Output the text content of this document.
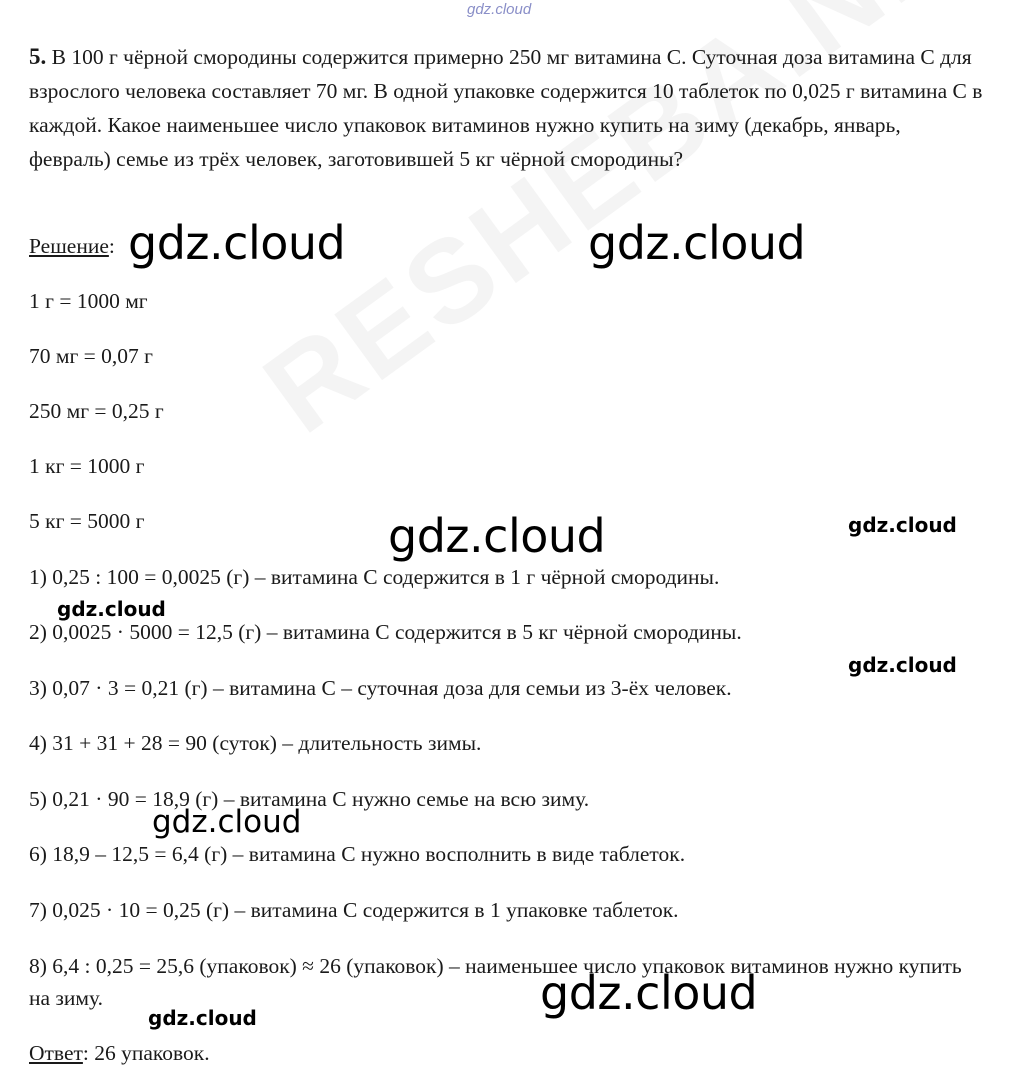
gdz.cloud

5. В 100 г чёрной смородины содержится примерно 250 мг витамина С. Суточная доза витамина С для взрослого человека составляет 70 мг. В одной упаковке содержится 10 таблеток по 0,025 г витамина С в каждой. Какое наименьшее число упаковок витаминов нужно купить на зиму (декабрь, январь, февраль) семье из трёх человек, заготовившей 5 кг чёрной смородины?

Решение:

1 г = 1000 мг

70 мг = 0,07 г

250 мг = 0,25 г

1 кг = 1000 г

5 кг = 5000 г

1) 0,25 : 100 = 0,0025 (г) – витамина С содержится в 1 г чёрной смородины.

2) 0,0025 · 5000 = 12,5 (г) – витамина С содержится в 5 кг чёрной смородины.

3) 0,07 · 3 = 0,21 (г) – витамина С – суточная доза для семьи из 3-ёх человек.

4) 31 + 31 + 28 = 90 (суток) – длительность зимы.

5) 0,21 · 90 = 18,9 (г) – витамина С нужно семье на всю зиму.

6) 18,9 – 12,5 = 6,4 (г) – витамина С нужно восполнить в виде таблеток.

7) 0,025 · 10 = 0,25 (г) – витамина С содержится в 1 упаковке таблеток.

8) 6,4 : 0,25 = 25,6 (упаковок) ≈ 26 (упаковок) – наименьшее число упаковок витаминов нужно купить на зиму.

Ответ: 26 упаковок.

gdz.cloud	gdz.cloud
gdz.cloud
gdz.cloud
gdz.cloud
gdz.cloud
gdz.cloud
gdz.cloud
gdz.cloud
